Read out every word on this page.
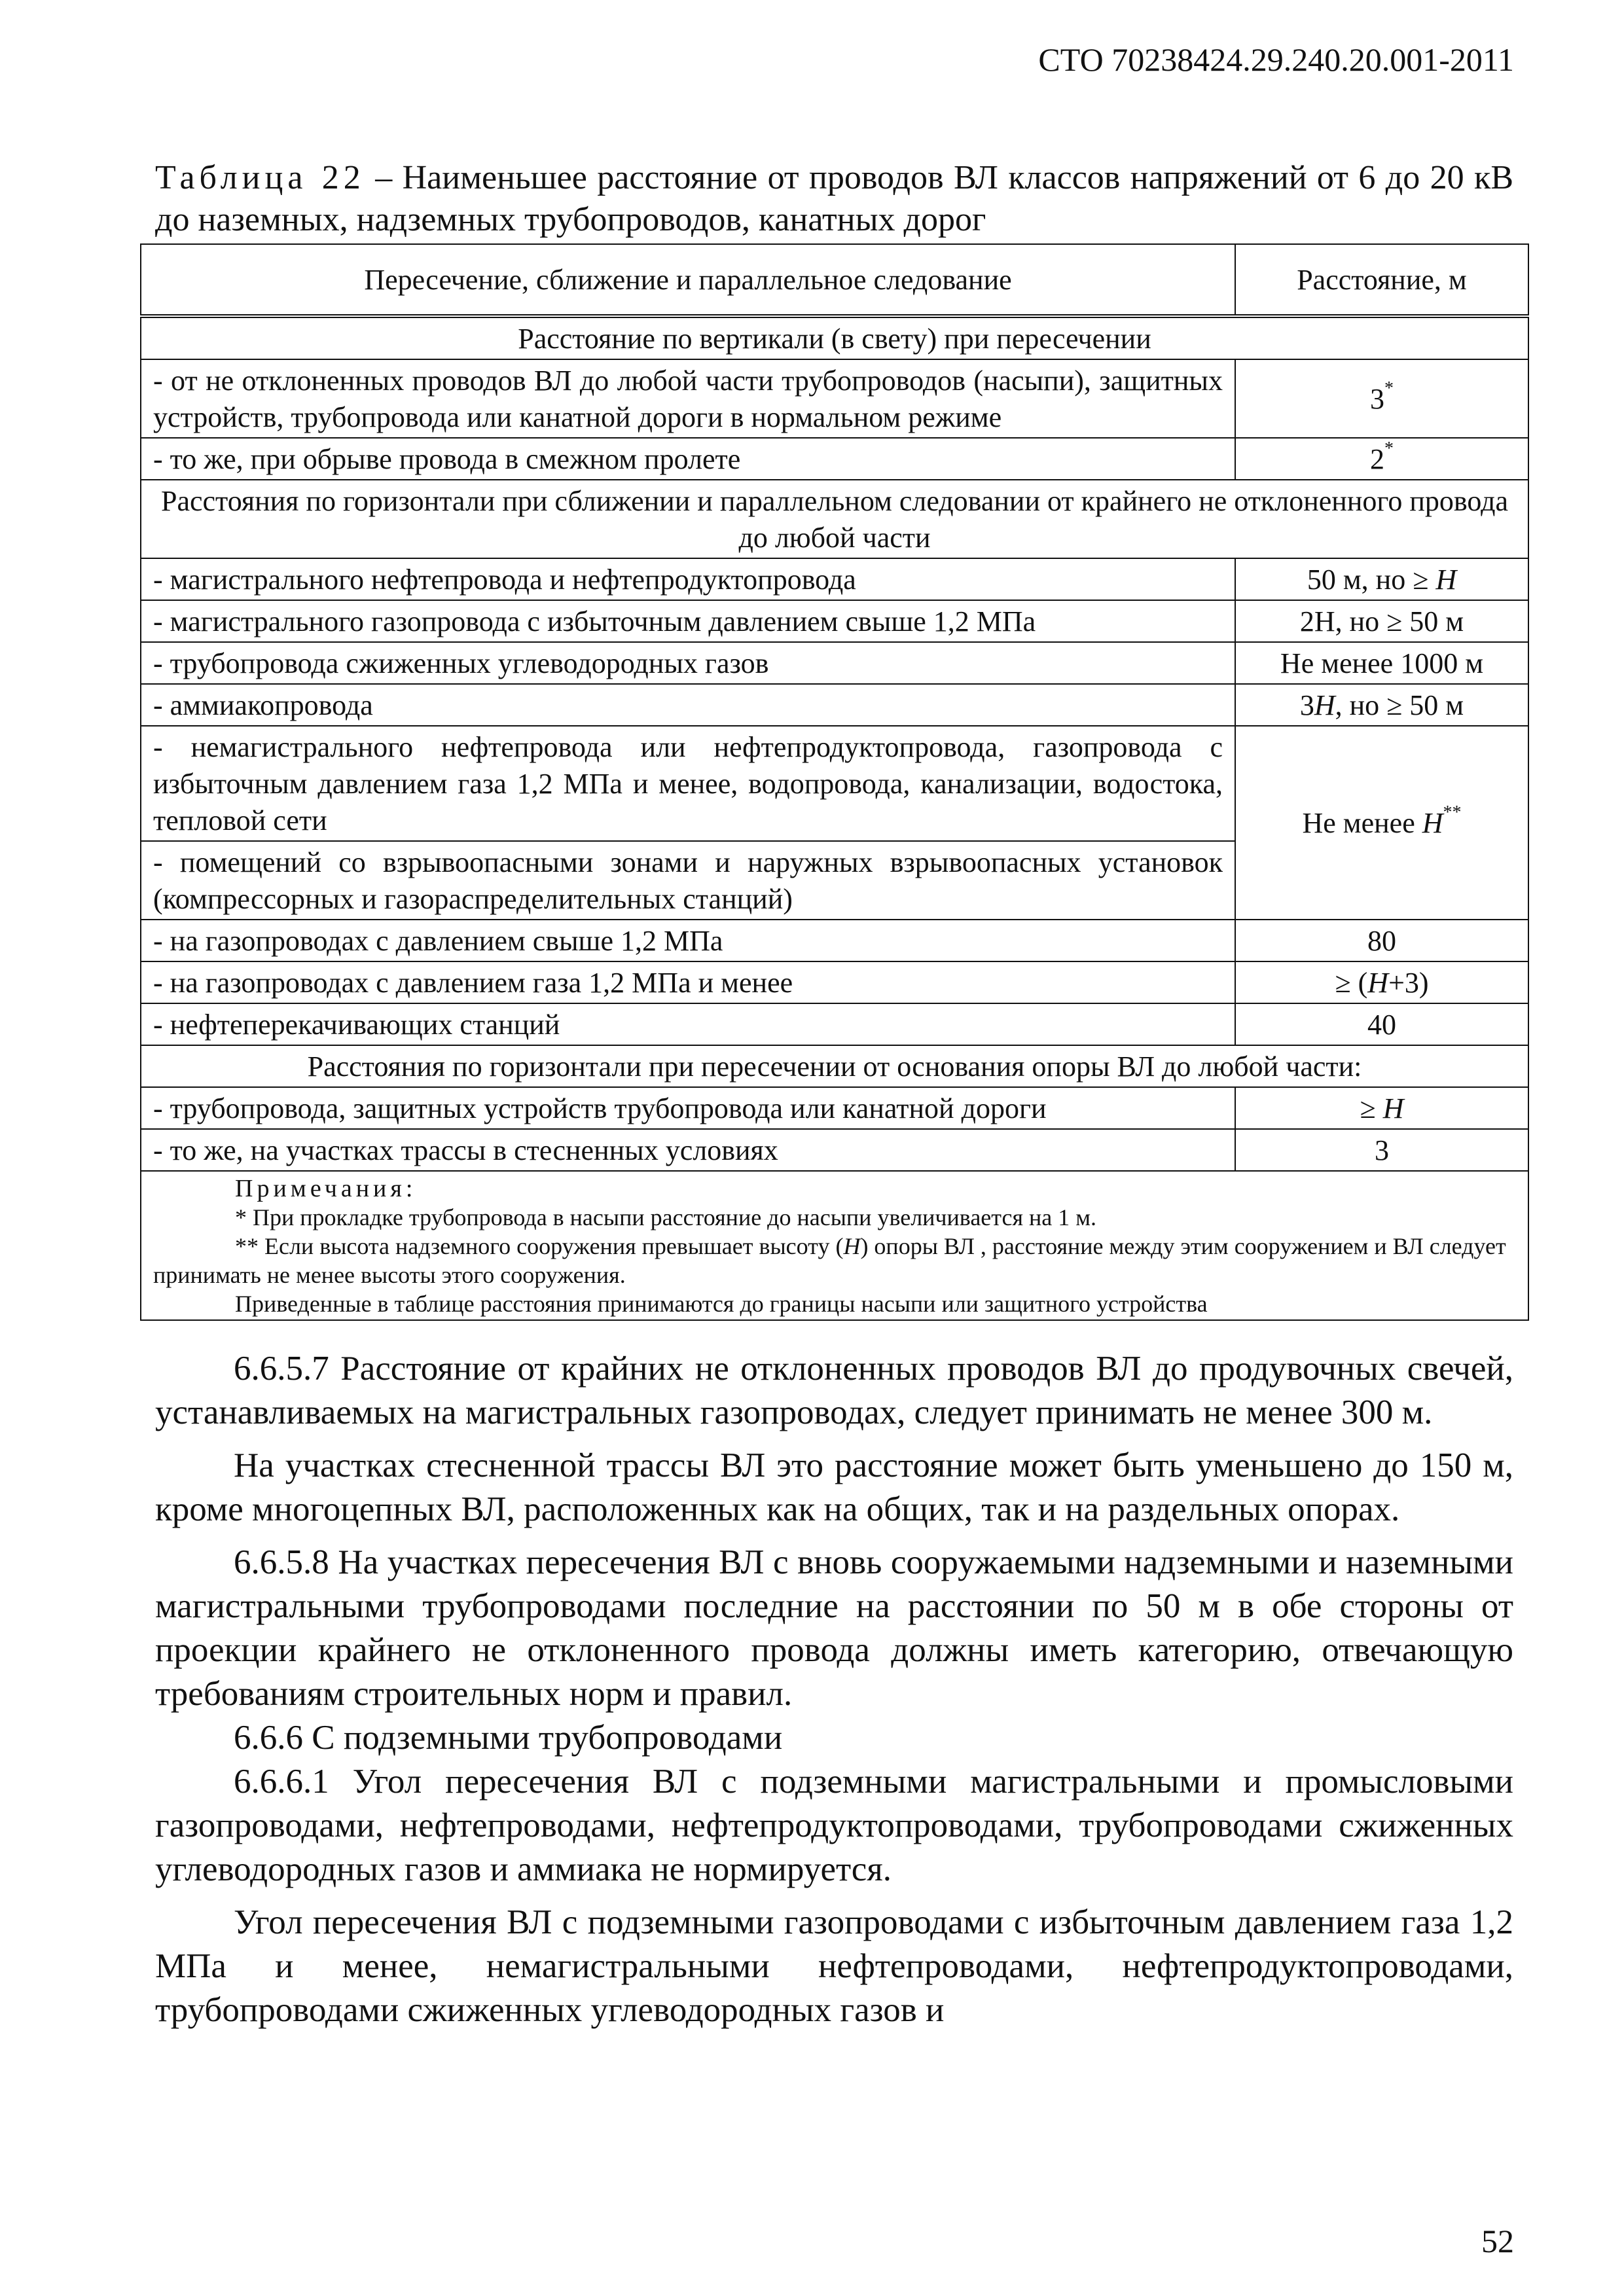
СТО 70238424.29.240.20.001-2011
Таблица 22 – Наименьшее расстояние от проводов ВЛ классов напряжений от 6 до 20 кВ до наземных, надземных трубопроводов, канатных дорог
Пересечение, сближение и параллельное следование	Расстояние, м
Расстояние по вертикали (в свету) при пересечении	
- от не отклоненных проводов ВЛ до любой части трубопроводов (насыпи), защитных устройств, трубопровода или канатной дороги в нормальном режиме	3*
- то же, при обрыве провода в смежном пролете	2*
Расстояния по горизонтали при сближении и параллельном следовании от крайнего не отклоненного провода до любой части	
- магистрального нефтепровода и нефтепродуктопровода	50 м, но ≥ H
- магистрального газопровода с избыточным давлением свыше 1,2 МПа	2Н, но ≥ 50 м
- трубопровода сжиженных углеводородных газов	Не менее 1000 м
- аммиакопровода	3H, но ≥ 50 м
- немагистрального нефтепровода или нефтепродуктопровода, газопровода с избыточным давлением газа 1,2 МПа и менее, водопровода, канализации, водостока, тепловой сети	Не менее H**
- помещений со взрывоопасными зонами и наружных взрывоопасных установок (компрессорных и газораспределительных станций)	
- на газопроводах с давлением свыше 1,2 МПа	80
- на газопроводах с давлением газа 1,2 МПа и менее	≥ (H+3)
- нефтеперекачивающих станций	40
Расстояния по горизонтали при пересечении от основания опоры ВЛ до любой части:	
- трубопровода, защитных устройств трубопровода или канатной дороги	≥ H
- то же, на участках трассы в стесненных условиях	3

Примечания:

* При прокладке трубопровода в насыпи расстояние до насыпи увеличивается на 1 м.

** Если высота надземного сооружения превышает высоту (Н) опоры ВЛ , расстояние между этим сооружением и ВЛ следует принимать не менее высоты этого сооружения.

Приведенные в таблице расстояния принимаются до границы насыпи или защитного устройства	

6.6.5.7 Расстояние от крайних не отклоненных проводов ВЛ до продувочных свечей, устанавливаемых на магистральных газопроводах, следует принимать не менее 300 м.

На участках стесненной трассы ВЛ это расстояние может быть уменьшено до 150 м, кроме многоцепных ВЛ, расположенных как на общих, так и на раздельных опорах.

6.6.5.8 На участках пересечения ВЛ с вновь сооружаемыми надземными и наземными магистральными трубопроводами последние на расстоянии по 50 м в обе стороны от проекции крайнего не отклоненного провода должны иметь категорию, отвечающую требованиям строительных норм и правил.

6.6.6 С подземными трубопроводами

6.6.6.1 Угол пересечения ВЛ с подземными магистральными и промысловыми газопроводами, нефтепроводами, нефтепродуктопроводами, трубопроводами сжиженных углеводородных газов и аммиака не нормируется.

Угол пересечения ВЛ с подземными газопроводами с избыточным давлением газа 1,2 МПа и менее, немагистральными нефтепроводами, нефтепродуктопроводами, трубопроводами сжиженных углеводородных газов и

52
